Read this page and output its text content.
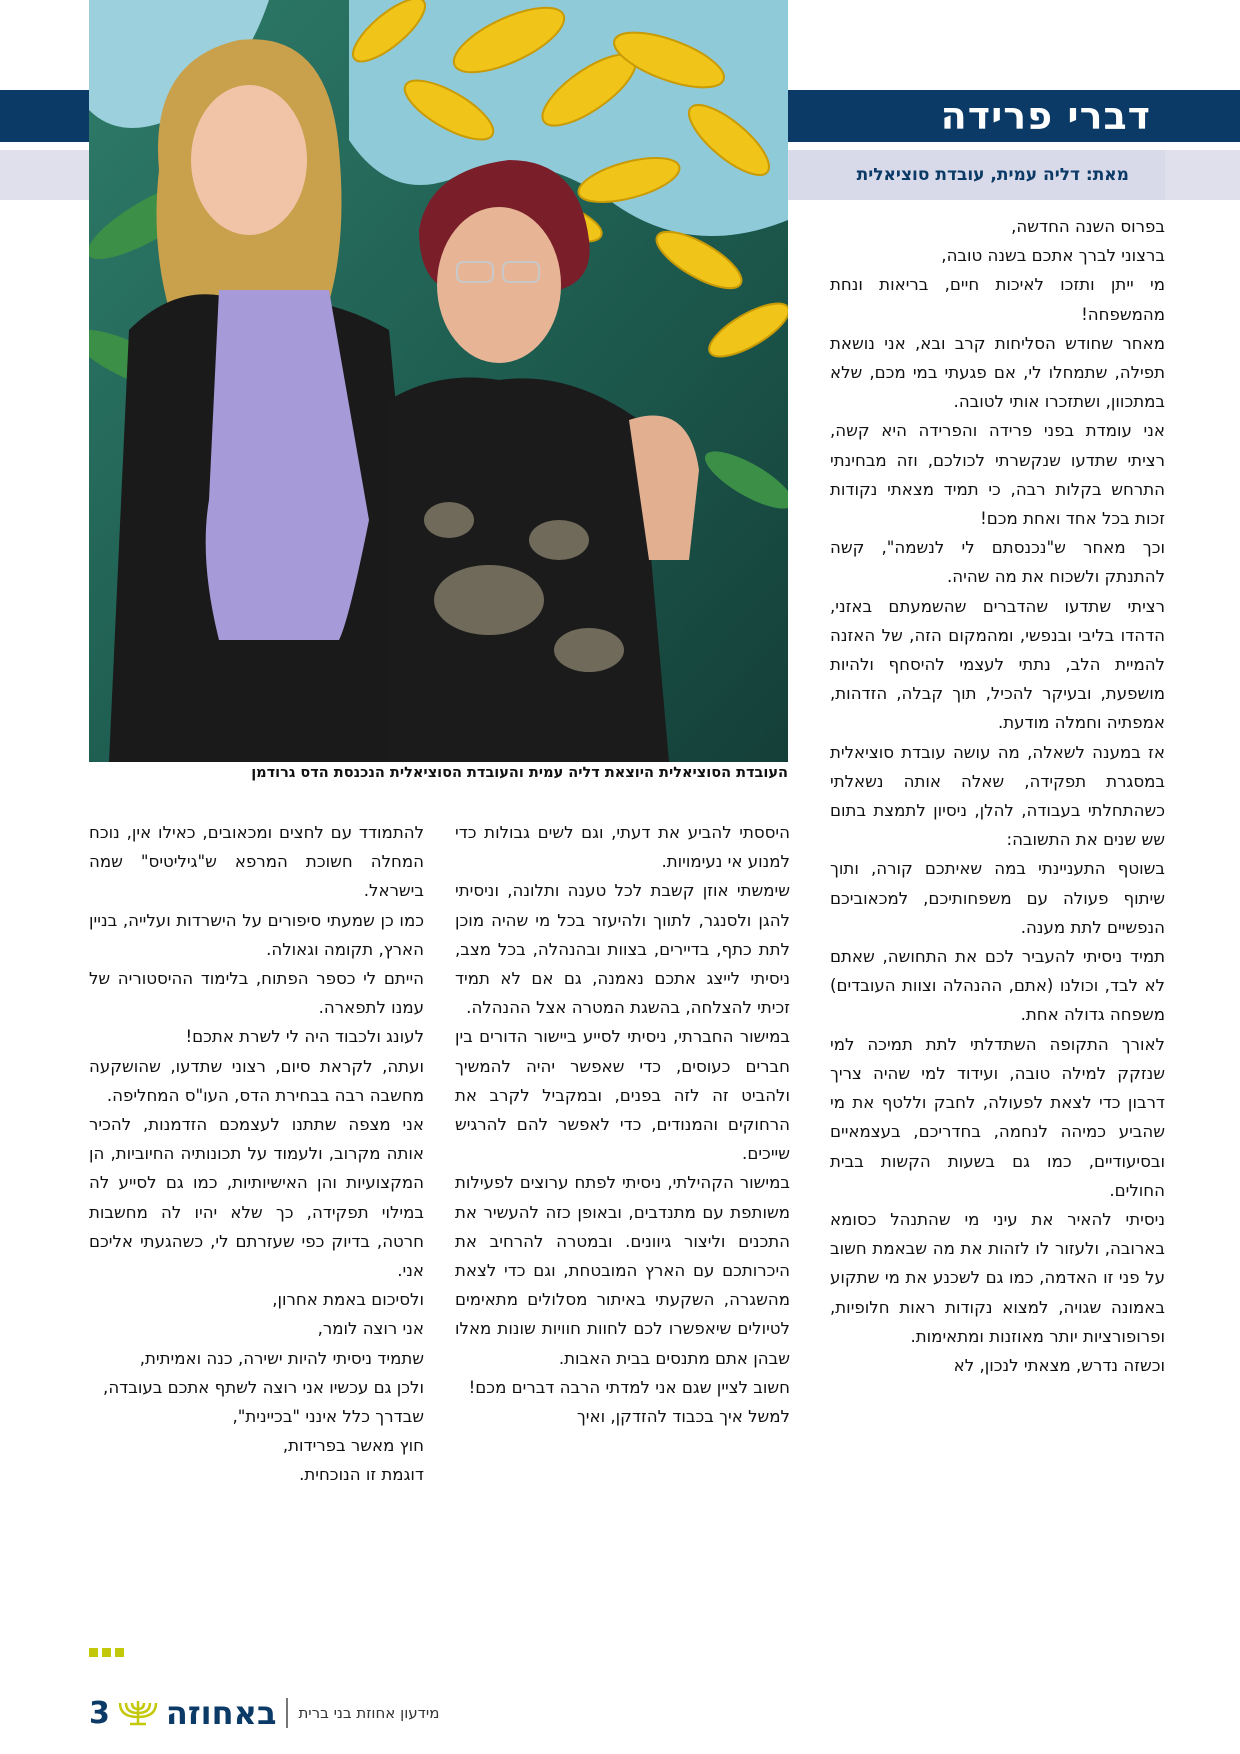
העובדת הסוציאלית היוצאת דליה עמית והעובדת הסוציאלית הנכנסת הדס גרודמן
דברי פרידה
מאת: דליה עמית, עובדת סוציאלית

בפרוס השנה החדשה,

ברצוני לברך אתכם בשנה טובה,

מי ייתן ותזכו לאיכות חיים, בריאות ונחת מהמשפחה!

מאחר שחודש הסליחות קרב ובא, אני נושאת תפילה, שתמחלו לי, אם פגעתי במי מכם, שלא במתכוון, ושתזכרו אותי לטובה.

אני עומדת בפני פרידה והפרידה היא קשה, רציתי שתדעו שנקשרתי לכולכם, וזה מבחינתי התרחש בקלות רבה, כי תמיד מצאתי נקודות זכות בכל אחד ואחת מכם!

וכך מאחר ש"נכנסתם לי לנשמה", קשה להתנתק ולשכוח את מה שהיה.

רציתי שתדעו שהדברים שהשמעתם באזני, הדהדו בליבי ובנפשי, ומהמקום הזה, של האזנה להמיית הלב, נתתי לעצמי להיסחף ולהיות מושפעת, ובעיקר להכיל, תוך קבלה, הזדהות, אמפתיה וחמלה מודעת.

אז במענה לשאלה, מה עושה עובדת סוציאלית במסגרת תפקידה, שאלה אותה נשאלתי כשהתחלתי בעבודה, להלן, ניסיון לתמצת בתום שש שנים את התשובה:

בשוטף התעניינתי במה שאיתכם קורה, ותוך שיתוף פעולה עם משפחותיכם, למכאוביכם הנפשיים לתת מענה.

תמיד ניסיתי להעביר לכם את התחושה, שאתם לא לבד, וכולנו (אתם, ההנהלה וצוות העובדים) משפחה גדולה אחת.

לאורך התקופה השתדלתי לתת תמיכה למי שנזקק למילה טובה, ועידוד למי שהיה צריך דרבון כדי לצאת לפעולה, לחבק וללטף את מי שהביע כמיהה לנחמה, בחדריכם, בעצמאיים ובסיעודיים, כמו גם בשעות הקשות בבית החולים.

ניסיתי להאיר את עיני מי שהתנהל כסומא בארובה, ולעזור לו לזהות את מה שבאמת חשוב על פני זו האדמה, כמו גם לשכנע את מי שתקוע באמונה שגויה, למצוא נקודות ראות חלופיות, ופרופורציות יותר מאוזנות ומתאימות.

וכשזה נדרש, מצאתי לנכון, לא

היססתי להביע את דעתי, וגם לשים גבולות כדי למנוע אי נעימויות.

שימשתי אוזן קשבת לכל טענה ותלונה, וניסיתי להגן ולסנגר, לתווך ולהיעזר בכל מי שהיה מוכן לתת כתף, בדיירים, בצוות ובהנהלה, בכל מצב, ניסיתי לייצג אתכם נאמנה, גם אם לא תמיד זכיתי להצלחה, בהשגת המטרה אצל ההנהלה.

במישור החברתי, ניסיתי לסייע ביישור הדורים בין חברים כעוסים, כדי שאפשר יהיה להמשיך ולהביט זה לזה בפנים, ובמקביל לקרב את הרחוקים והמנודים, כדי לאפשר להם להרגיש שייכים.

במישור הקהילתי, ניסיתי לפתח ערוצים לפעילות משותפת עם מתנדבים, ובאופן כזה להעשיר את התכנים וליצור גיוונים. ובמטרה להרחיב את היכרותכם עם הארץ המובטחת, וגם כדי לצאת מהשגרה, השקעתי באיתור מסלולים מתאימים לטיולים שיאפשרו לכם לחוות חוויות שונות מאלו שבהן אתם מתנסים בבית האבות.

חשוב לציין שגם אני למדתי הרבה דברים מכם!

למשל איך בכבוד להזדקן, ואיך

להתמודד עם לחצים ומכאובים, כאילו אין, נוכח המחלה חשוכת המרפא ש"גיליטיס" שמה בישראל.

כמו כן שמעתי סיפורים על הישרדות ועלייה, בניין הארץ, תקומה וגאולה.

הייתם לי כספר הפתוח, בלימוד ההיסטוריה של עמנו לתפארה.

לעונג ולכבוד היה לי לשרת אתכם!

ועתה, לקראת סיום, רצוני שתדעו, שהושקעה מחשבה רבה בבחירת הדס, העו"ס המחליפה.

אני מצפה שתתנו לעצמכם הזדמנות, להכיר אותה מקרוב, ולעמוד על תכונותיה החיוביות, הן המקצועיות והן האישיותיות, כמו גם לסייע לה במילוי תפקידה, כך שלא יהיו לה מחשבות חרטה, בדיוק כפי שעזרתם לי, כשהגעתי אליכם אני.

ולסיכום באמת אחרון,

אני רוצה לומר,

שתמיד ניסיתי להיות ישירה, כנה ואמיתית,

ולכן גם עכשיו אני רוצה לשתף אתכם בעובדה,

שבדרך כלל אינני "בכיינית",

חוץ מאשר בפרידות,

דוגמת זו הנוכחית.

3 באחוזה מידעון אחוזת בני ברית
